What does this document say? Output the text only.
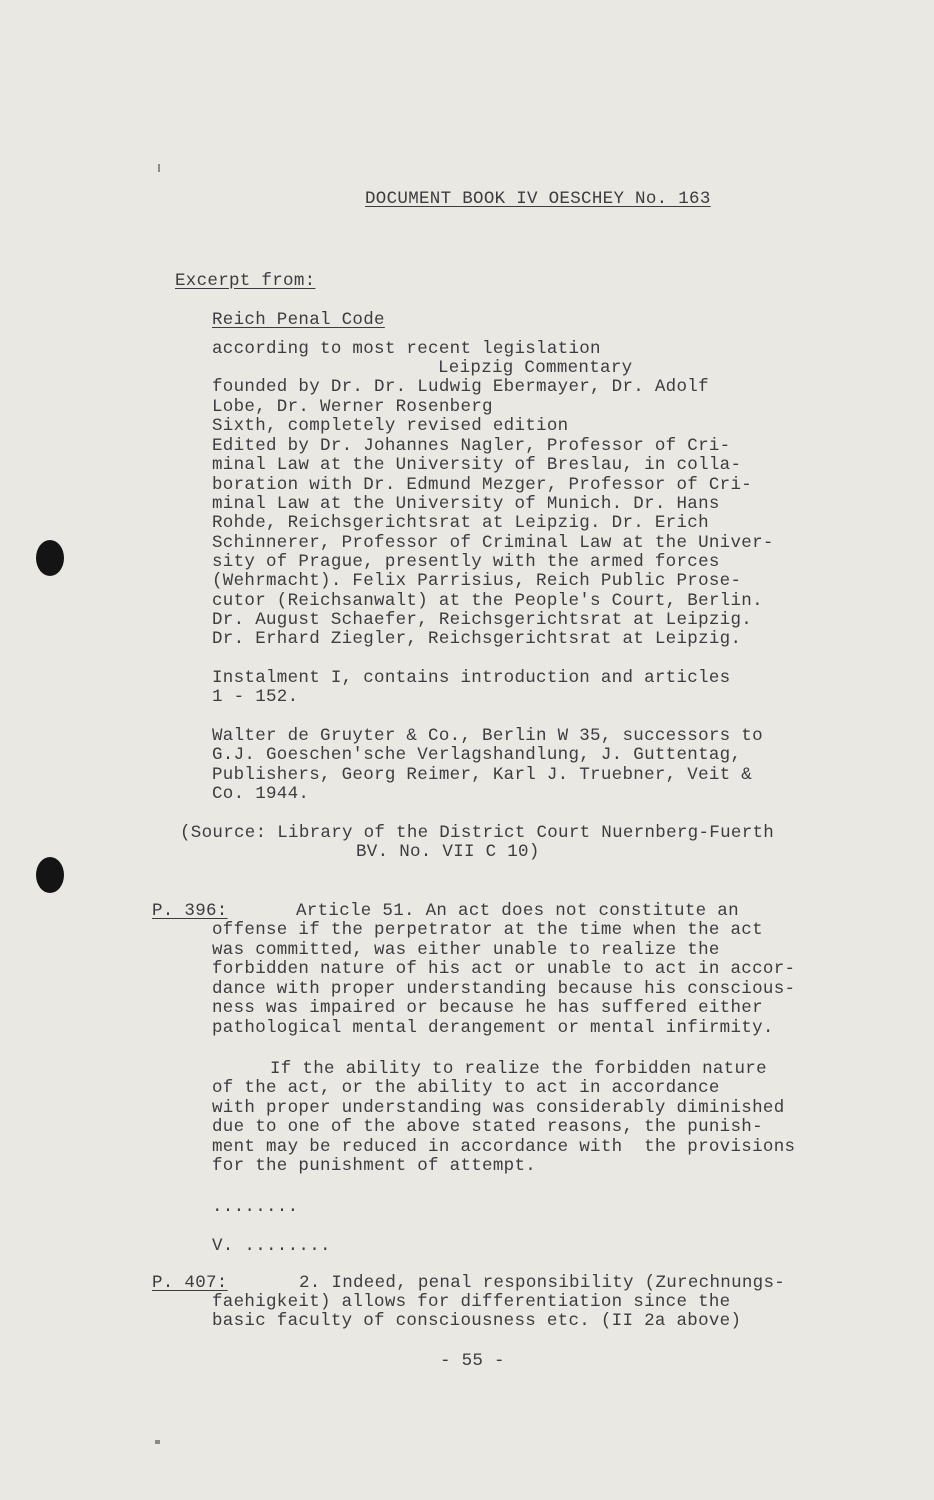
DOCUMENT BOOK IV OESCHEY No. 163
Excerpt from:
Reich Penal Code
according to most recent legislation
Leipzig Commentary
founded by Dr. Dr. Ludwig Ebermayer, Dr. Adolf
Lobe, Dr. Werner Rosenberg
Sixth, completely revised edition
Edited by Dr. Johannes Nagler, Professor of Cri-
minal Law at the University of Breslau, in colla-
boration with Dr. Edmund Mezger, Professor of Cri-
minal Law at the University of Munich. Dr. Hans
Rohde, Reichsgerichtsrat at Leipzig. Dr. Erich
Schinnerer, Professor of Criminal Law at the Univer-
sity of Prague, presently with the armed forces
(Wehrmacht). Felix Parrisius, Reich Public Prose-
cutor (Reichsanwalt) at the People's Court, Berlin.
Dr. August Schaefer, Reichsgerichtsrat at Leipzig.
Dr. Erhard Ziegler, Reichsgerichtsrat at Leipzig.
Instalment I, contains introduction and articles
1 - 152.
Walter de Gruyter & Co., Berlin W 35, successors to
G.J. Goeschen'sche Verlagshandlung, J. Guttentag,
Publishers, Georg Reimer, Karl J. Truebner, Veit &
Co. 1944.
(Source: Library of the District Court Nuernberg-Fuerth
BV. No. VII C 10)
P. 396:	Article 51. An act does not constitute an
offense if the perpetrator at the time when the act
was committed, was either unable to realize the
forbidden nature of his act or unable to act in accor-
dance with proper understanding because his conscious-
ness was impaired or because he has suffered either
pathological mental derangement or mental infirmity.
If the ability to realize the forbidden nature
of the act, or the ability to act in accordance
with proper understanding was considerably diminished
due to one of the above stated reasons, the punish-
ment may be reduced in accordance with  the provisions
for the punishment of attempt.
........
V. ........
P. 407:	2. Indeed, penal responsibility (Zurechnungs-
faehigkeit) allows for differentiation since the
basic faculty of consciousness etc. (II 2a above)
- 55 -
